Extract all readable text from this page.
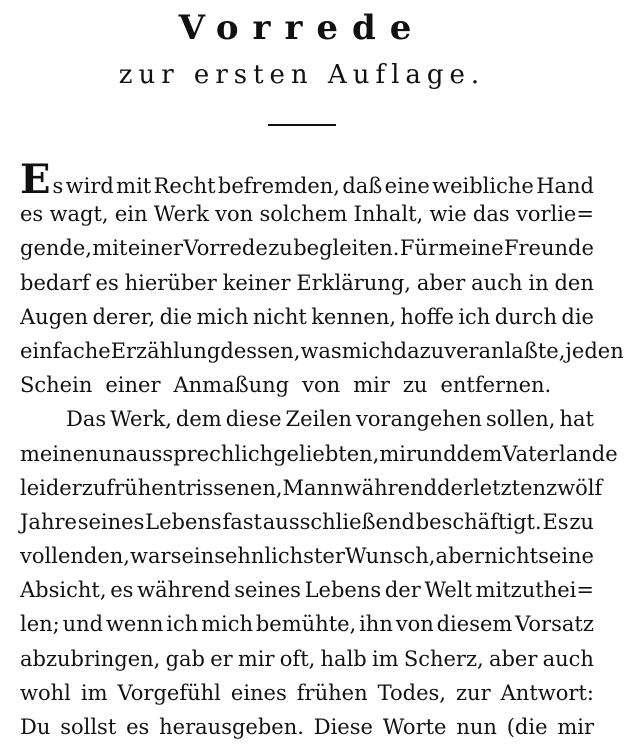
Vorrede
zur ersten Auflage.
Es wird mit Recht befremden, daß eine weibliche Hand
es wagt, ein Werk von solchem Inhalt, wie das vorlie=
gende, mit einer Vorrede zu begleiten. Für meine Freunde
bedarf es hierüber keiner Erklärung, aber auch in den
Augen derer, die mich nicht kennen, hoffe ich durch die
einfache Erzählung dessen, was mich dazu veranlaßte, jeden
Schein einer Anmaßung von mir zu entfernen.
Das Werk, dem diese Zeilen vorangehen sollen, hat
meinen unaussprechlich geliebten, mir und dem Vaterlande
leider zu früh entrissenen, Mann während der letzten zwölf
Jahre seines Lebens fast ausschließend beschäftigt. Es zu
vollenden, war sein sehnlichster Wunsch, aber nicht seine
Absicht, es während seines Lebens der Welt mitzuthei=
len; und wenn ich mich bemühte, ihn von diesem Vorsatz
abzubringen, gab er mir oft, halb im Scherz, aber auch
wohl im Vorgefühl eines frühen Todes, zur Antwort:
Du sollst es herausgeben. Diese Worte nun (die mir
